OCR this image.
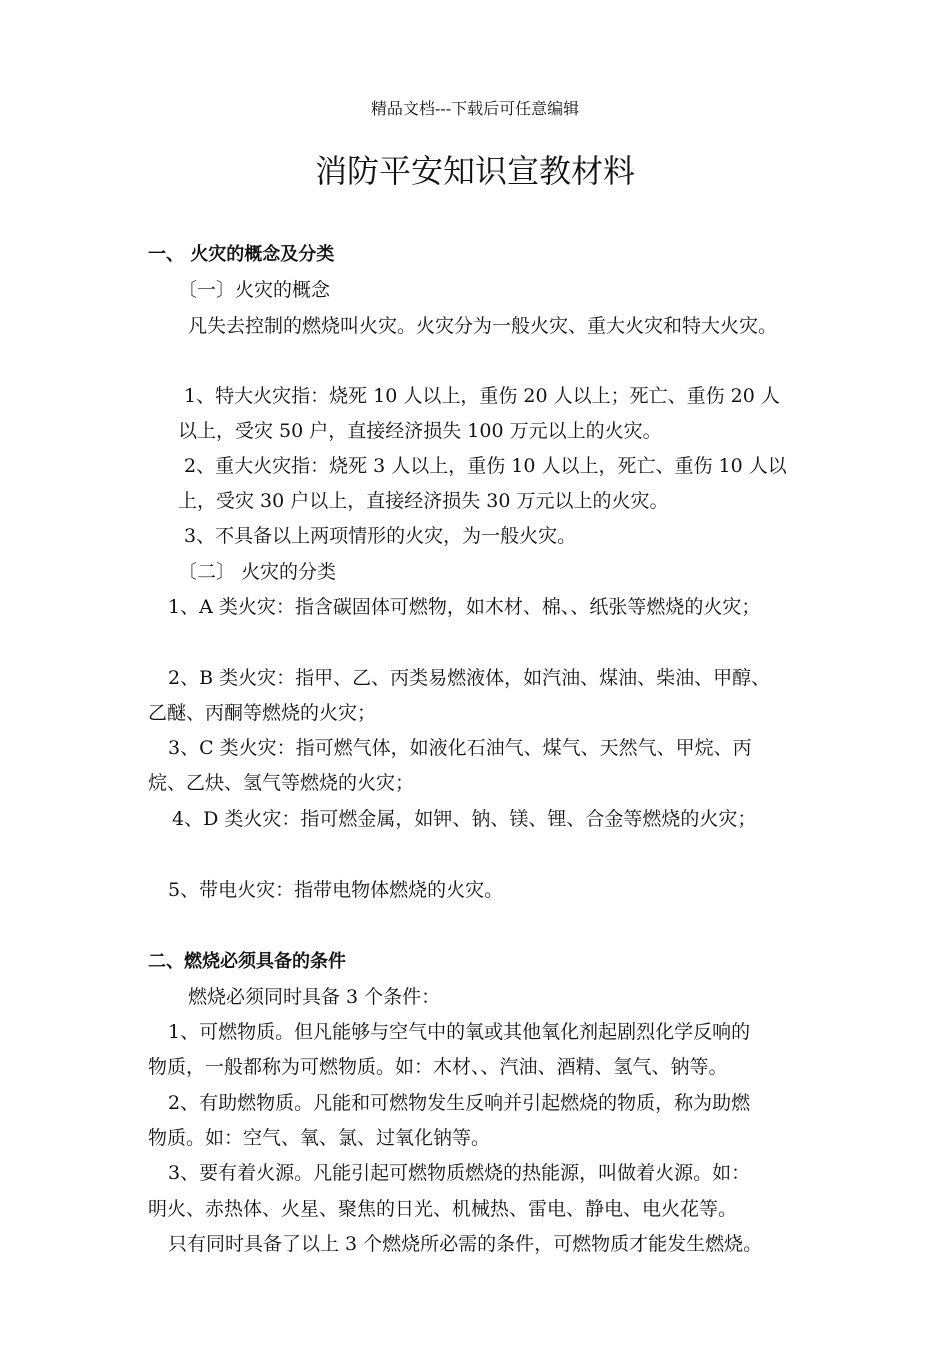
精品文档---下载后可任意编辑
消防平安知识宣教材料
一、 火灾的概念及分类
〔一〕火灾的概念
凡失去控制的燃烧叫火灾。火灾分为一般火灾、重大火灾和特大火灾。
1、特大火灾指：烧死 10 人以上，重伤 20 人以上；死亡、重伤 20 人
以上，受灾 50 户，直接经济损失 100 万元以上的火灾。
2、重大火灾指：烧死 3 人以上，重伤 10 人以上，死亡、重伤 10 人以
上，受灾 30 户以上，直接经济损失 30 万元以上的火灾。
3、不具备以上两项情形的火灾，为一般火灾。
〔二〕 火灾的分类
1、A 类火灾：指含碳固体可燃物，如木材、棉、、纸张等燃烧的火灾；
2、B 类火灾：指甲、乙、丙类易燃液体，如汽油、煤油、柴油、甲醇、
乙醚、丙酮等燃烧的火灾；
3、C 类火灾：指可燃气体，如液化石油气、煤气、天然气、甲烷、丙
烷、乙炔、氢气等燃烧的火灾；
4、D 类火灾：指可燃金属，如钾、钠、镁、锂、合金等燃烧的火灾；
5、带电火灾：指带电物体燃烧的火灾。
二、燃烧必须具备的条件
燃烧必须同时具备 3 个条件：
1、可燃物质。但凡能够与空气中的氧或其他氧化剂起剧烈化学反响的
物质，一般都称为可燃物质。如：木材、、汽油、酒精、氢气、钠等。
2、有助燃物质。凡能和可燃物发生反响并引起燃烧的物质，称为助燃
物质。如：空气、氧、氯、过氧化钠等。
3、要有着火源。凡能引起可燃物质燃烧的热能源，叫做着火源。如：
明火、赤热体、火星、聚焦的日光、机械热、雷电、静电、电火花等。
只有同时具备了以上 3 个燃烧所必需的条件，可燃物质才能发生燃烧。
